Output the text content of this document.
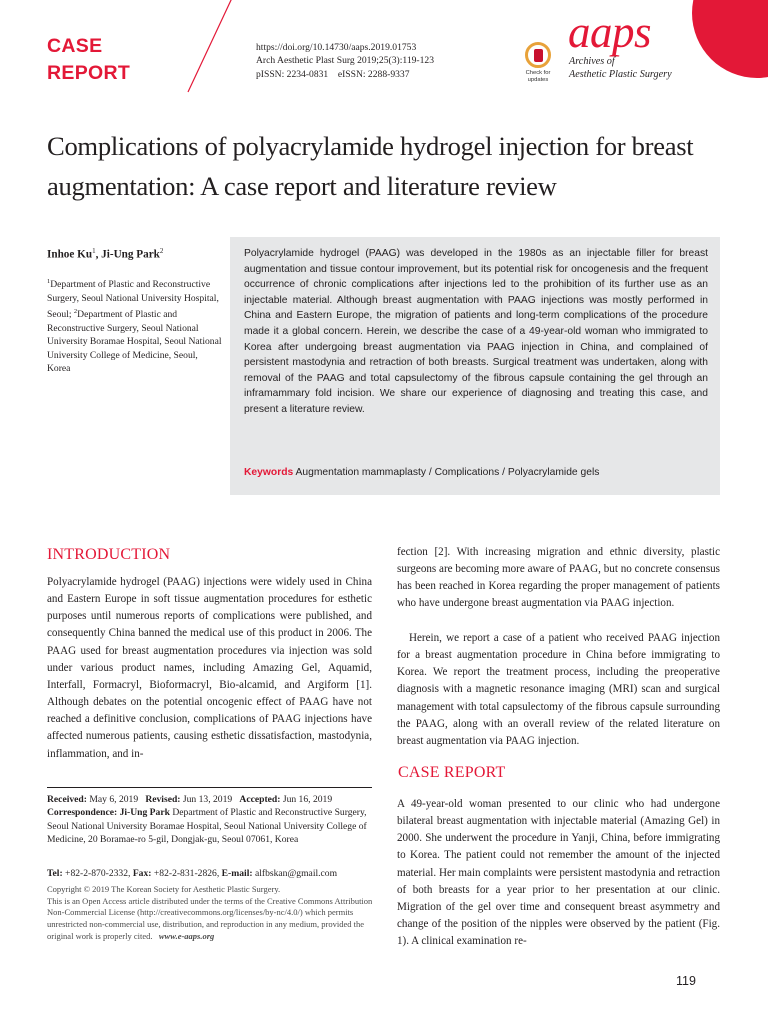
CASE
REPORT
https://doi.org/10.14730/aaps.2019.01753
Arch Aesthetic Plast Surg 2019;25(3):119-123
pISSN: 2234-0831    eISSN: 2288-9337	Check for
updates
aaps
Archives of
Aesthetic Plastic Surgery
Complications of polyacrylamide hydrogel injection for breast augmentation: A case report and literature review
Inhoe Ku$^1$, Ji-Ung Park$^2$
$^1$Department of Plastic and Reconstructive Surgery, Seoul National University Hospital, Seoul; $^2$Department of Plastic and Reconstructive Surgery, Seoul National University Boramae Hospital, Seoul National University College of Medicine, Seoul, Korea

Polyacrylamide hydrogel (PAAG) was developed in the 1980s as an injectable filler for breast augmentation and tissue contour improvement, but its potential risk for oncogenesis and the frequent occurrence of chronic complications after injections led to the prohibition of its further use as an injectable material. Although breast augmentation with PAAG injections was mostly performed in China and Eastern Europe, the migration of patients and long-term complications of the procedure made it a global concern. Herein, we describe the case of a 49-year-old woman who immigrated to Korea after undergoing breast augmentation via PAAG injection in China, and complained of persistent mastodynia and retraction of both breasts. Surgical treatment was undertaken, along with removal of the PAAG and total capsulectomy of the fibrous capsule containing the gel through an inframammary fold incision. We share our experience of diagnosing and treating this case, and present a literature review.

Keywords Augmentation mammaplasty / Complications / Polyacrylamide gels
INTRODUCTION

Polyacrylamide hydrogel (PAAG) injections were widely used in China and Eastern Europe in soft tissue augmentation procedures for esthetic purposes until numerous reports of complications were published, and consequently China banned the medical use of this product in 2006. The PAAG used for breast augmentation procedures via injection was sold under various product names, including Amazing Gel, Aquamid, Interfall, Formacryl, Bioformacryl, Bio-alcamid, and Argiform [1]. Although debates on the potential oncogenic effect of PAAG have not reached a definitive conclusion, complications of PAAG injections have affected numerous patients, causing esthetic dissatisfaction, mastodynia, inflammation, and in-

fection [2]. With increasing migration and ethnic diversity, plastic surgeons are becoming more aware of PAAG, but no concrete consensus has been reached in Korea regarding the proper management of patients who have undergone breast augmentation via PAAG injection.

Herein, we report a case of a patient who received PAAG injection for a breast augmentation procedure in China before immigrating to Korea. We report the treatment process, including the preoperative diagnosis with a magnetic resonance imaging (MRI) scan and surgical management with total capsulectomy of the fibrous capsule surrounding the PAAG, along with an overall review of the related literature on breast augmentation via PAAG injection.

CASE REPORT

A 49-year-old woman presented to our clinic who had undergone bilateral breast augmentation with injectable material (Amazing Gel) in 2000. She underwent the procedure in Yanji, China, before immigrating to Korea. The patient could not remember the amount of the injected material. Her main complaints were persistent mastodynia and retraction of both breasts for a year prior to her presentation at our clinic. Migration of the gel over time and consequent breast asymmetry and change of the position of the nipples were observed by the patient (Fig. 1). A clinical examination re-

Received: May 6, 2019   Revised: Jun 13, 2019   Accepted: Jun 16, 2019
Correspondence: Ji-Ung Park Department of Plastic and Reconstructive Surgery, Seoul National University Boramae Hospital, Seoul National University College of Medicine, 20 Boramae-ro 5-gil, Dongjak-gu, Seoul 07061, Korea
Tel: +82-2-870-2332, Fax: +82-2-831-2826, E-mail: alfbskan@gmail.com
Copyright © 2019 The Korean Society for Aesthetic Plastic Surgery.
This is an Open Access article distributed under the terms of the Creative Commons Attribution Non-Commercial License (http://creativecommons.org/licenses/by-nc/4.0/) which permits unrestricted non-commercial use, distribution, and reproduction in any medium, provided the original work is properly cited.   www.e-aaps.org
119
